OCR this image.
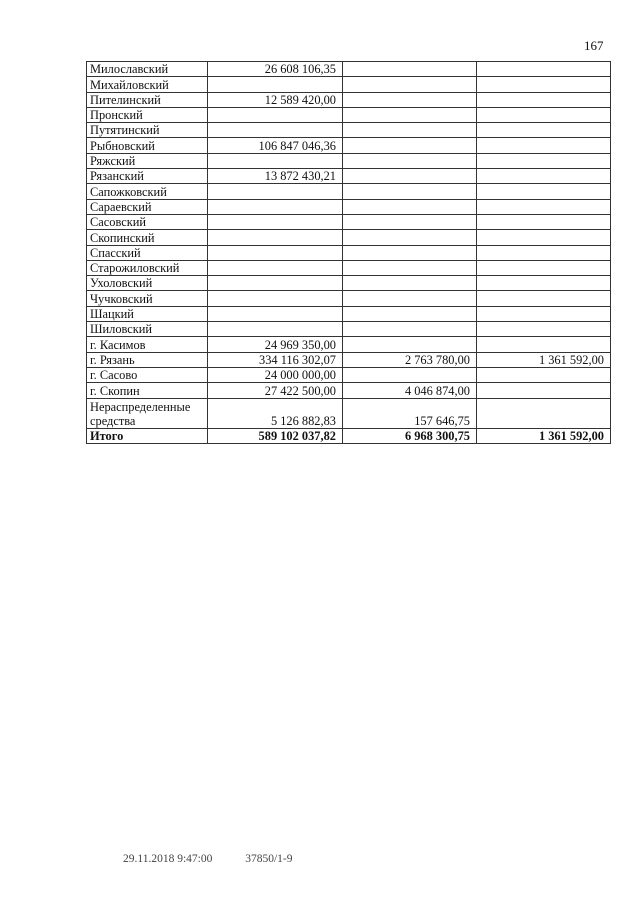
167
Милославский	26 608 106,35		
Михайловский			
Пителинский	12 589 420,00		
Пронский			
Путятинский			
Рыбновский	106 847 046,36		
Ряжский			
Рязанский	13 872 430,21		
Сапожковский			
Сараевский			
Сасовский			
Скопинский			
Спасский			
Старожиловский			
Ухоловский			
Чучковский			
Шацкий			
Шиловский			
г. Касимов	24 969 350,00		
г. Рязань	334 116 302,07	2 763 780,00	1 361 592,00
г. Сасово	24 000 000,00		
г. Скопин	27 422 500,00	4 046 874,00	
Нераспределенные средства	5 126 882,83	157 646,75	
Итого	589 102 037,82	6 968 300,75	1 361 592,00
29.11.2018 9:47:00	37850/1-9
